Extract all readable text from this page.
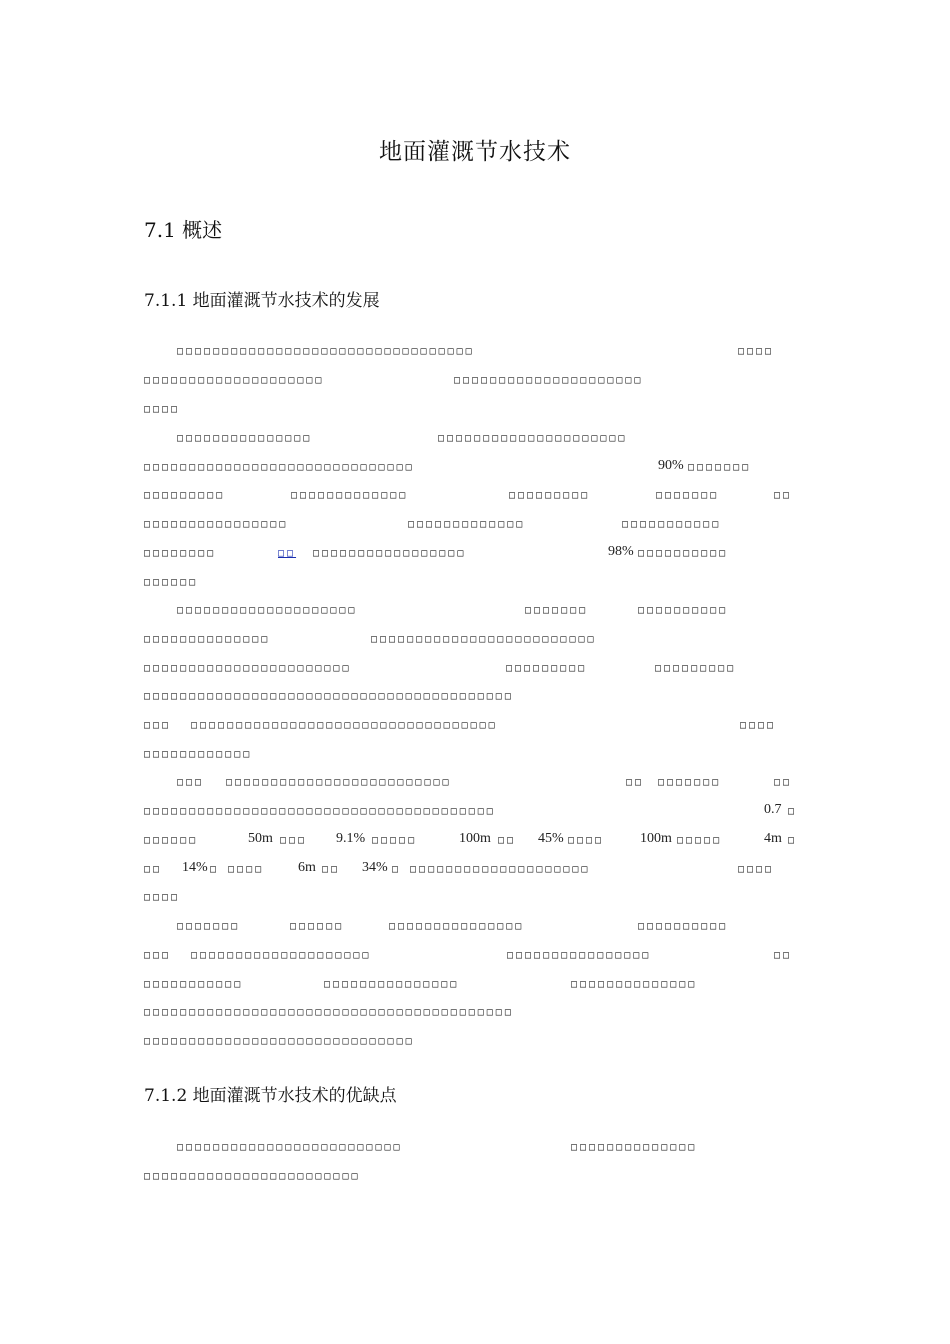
地面灌溉节水技术
7.1 概述
7.1.1 地面灌溉节水技术的发展
□□□□□□□□□□□□□□□□□□□□□□□□□□□□□□□□□	□□□□
□□□□□□□□□□□□□□□□□□□□	□□□□□□□□□□□□□□□□□□□□□
□□□□
□□□□□□□□□□□□□□□	□□□□□□□□□□□□□□□□□□□□□
□□□□□□□□□□□□□□□□□□□□□□□□□□□□□□	90% □□□□□□□
□□□□□□□□□	□□□□□□□□□□□□□	□□□□□□□□□	□□□□□□□	□□
□□□□□□□□□□□□□□□□	□□□□□□□□□□□□□	□□□□□□□□□□□
□□□□□□□□	□□ □□□□□□□□□□□□□□□□□	98% □□□□□□□□□□
□□□□□□
□□□□□□□□□□□□□□□□□□□□	□□□□□□□	□□□□□□□□□□
□□□□□□□□□□□□□□	□□□□□□□□□□□□□□□□□□□□□□□□□
□□□□□□□□□□□□□□□□□□□□□□□	□□□□□□□□□	□□□□□□□□□
□□□□□□□□□□□□□□□□□□□□□□□□□□□□□□□□□□□□□□□□□
□□□ □□□□□□□□□□□□□□□□□□□□□□□□□□□□□□□□□□	□□□□
□□□□□□□□□□□□
□□□ □□□□□□□□□□□□□□□□□□□□□□□□□	□□ □□□□□□□	□□
□□□□□□□□□□□□□□□□□□□□□□□□□□□□□□□□□□□□□□□	0.7 □
□□□□□□	50m □□□ 9.1% □□□□□	100m □□ 45% □□□□	100m □□□□□	4m □
□□ 14% □ □□□□ 6m □□ 34% □ □□□□□□□□□□□□□□□□□□□□	□□□□
□□□□
□□□□□□□	□□□□□□	□□□□□□□□□□□□□□□	□□□□□□□□□□
□□□ □□□□□□□□□□□□□□□□□□□□	□□□□□□□□□□□□□□□□	□□
□□□□□□□□□□□	□□□□□□□□□□□□□□□	□□□□□□□□□□□□□□
□□□□□□□□□□□□□□□□□□□□□□□□□□□□□□□□□□□□□□□□□
□□□□□□□□□□□□□□□□□□□□□□□□□□□□□□
7.1.2 地面灌溉节水技术的优缺点
□□□□□□□□□□□□□□□□□□□□□□□□□	□□□□□□□□□□□□□□
□□□□□□□□□□□□□□□□□□□□□□□□
